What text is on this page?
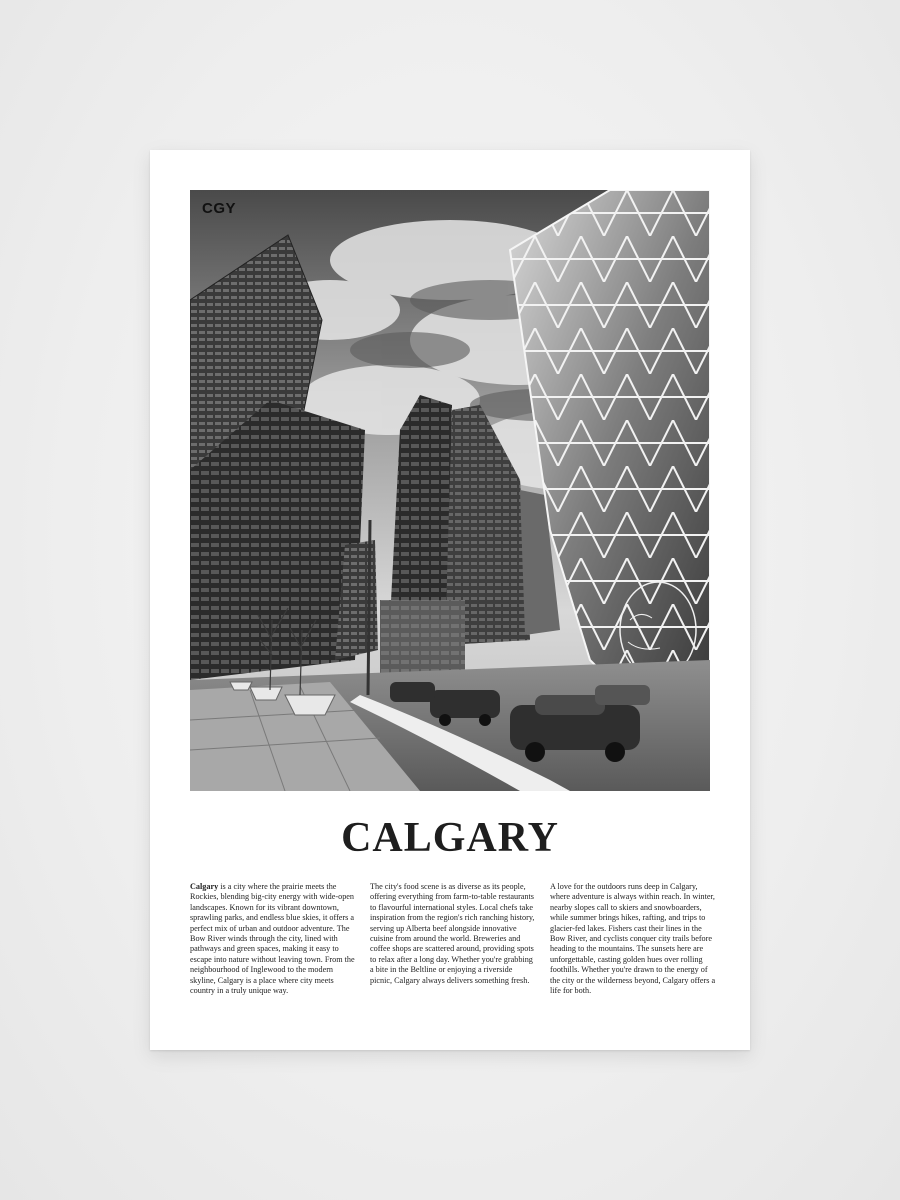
CGY
CALGARY
Calgary is a city where the prairie meets the Rockies, blending big-city energy with wide-open landscapes. Known for its vibrant downtown, sprawling parks, and endless blue skies, it offers a perfect mix of urban and outdoor adventure. The Bow River winds through the city, lined with pathways and green spaces, making it easy to escape into nature without leaving town. From the neighbourhood of Inglewood to the modern skyline, Calgary is a place where city meets country in a truly unique way.
The city's food scene is as diverse as its people, offering everything from farm-to-table restaurants to flavourful international styles. Local chefs take inspiration from the region's rich ranching history, serving up Alberta beef alongside innovative cuisine from around the world. Breweries and coffee shops are scattered around, providing spots to relax after a long day. Whether you're grabbing a bite in the Beltline or enjoying a riverside picnic, Calgary always delivers something fresh.
A love for the outdoors runs deep in Calgary, where adventure is always within reach. In winter, nearby slopes call to skiers and snowboarders, while summer brings hikes, rafting, and trips to glacier-fed lakes. Fishers cast their lines in the Bow River, and cyclists conquer city trails before heading to the mountains. The sunsets here are unforgettable, casting golden hues over rolling foothills. Whether you're drawn to the energy of the city or the wilderness beyond, Calgary offers a life for both.
